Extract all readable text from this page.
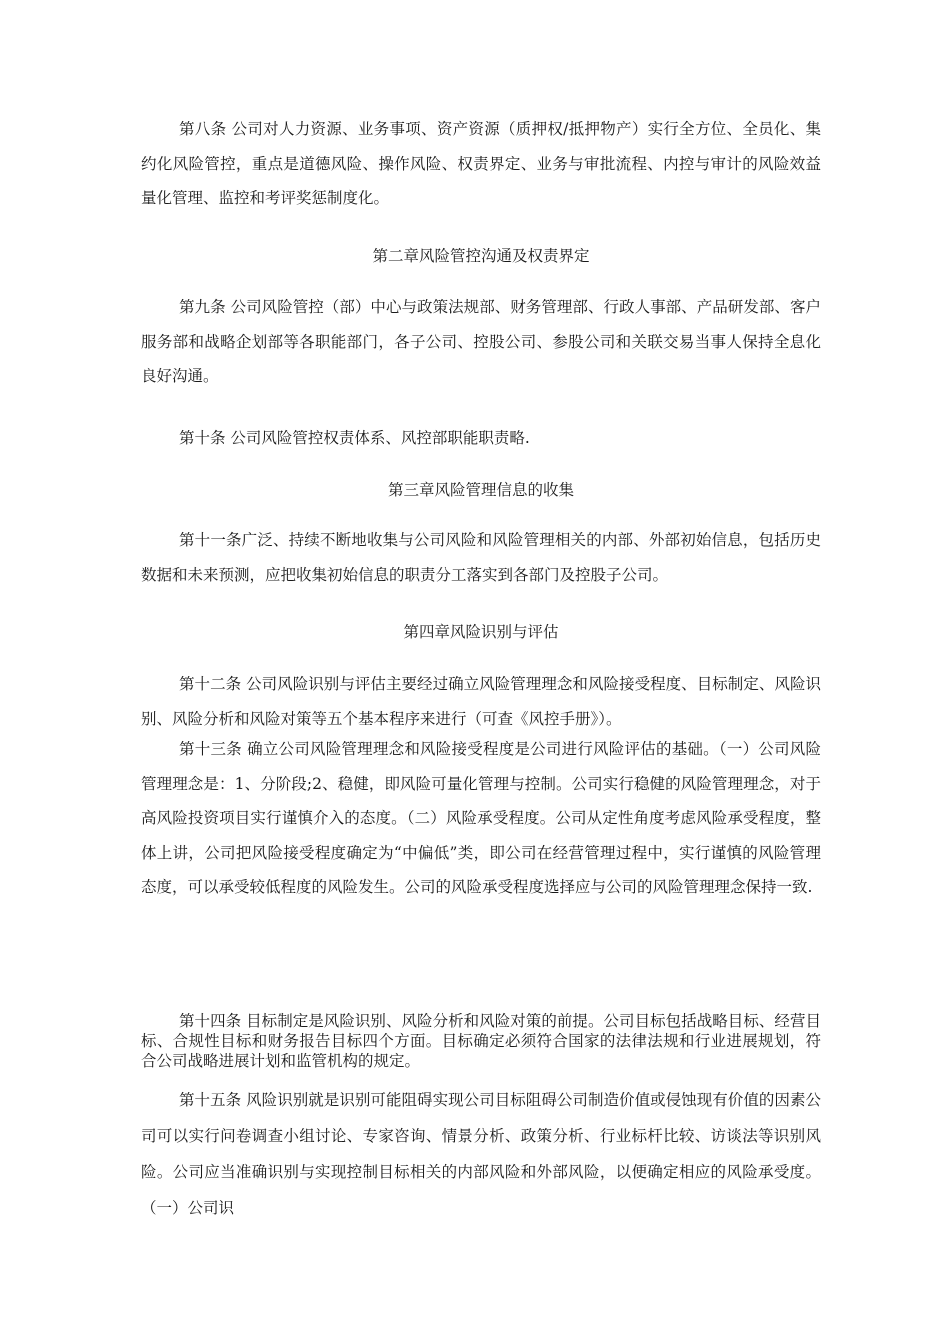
第八条 公司对人力资源、业务事项、资产资源（质押权/抵押物产）实行全方位、全员化、集约化风险管控，重点是道德风险、操作风险、权责界定、业务与审批流程、内控与审计的风险效益量化管理、监控和考评奖惩制度化。

第二章风险管控沟通及权责界定

第九条 公司风险管控（部）中心与政策法规部、财务管理部、行政人事部、产品研发部、客户服务部和战略企划部等各职能部门，各子公司、控股公司、参股公司和关联交易当事人保持全息化良好沟通。

第十条 公司风险管控权责体系、风控部职能职责略.

第三章风险管理信息的收集

第十一条广泛、持续不断地收集与公司风险和风险管理相关的内部、外部初始信息，包括历史数据和未来预测，应把收集初始信息的职责分工落实到各部门及控股子公司。

第四章风险识别与评估

第十二条 公司风险识别与评估主要经过确立风险管理理念和风险接受程度、目标制定、风险识别、风险分析和风险对策等五个基本程序来进行（可查《风控手册》）。

第十三条 确立公司风险管理理念和风险接受程度是公司进行风险评估的基础。（一）公司风险管理理念是：1、分阶段;2、稳健，即风险可量化管理与控制。公司实行稳健的风险管理理念，对于高风险投资项目实行谨慎介入的态度。（二）风险承受程度。公司从定性角度考虑风险承受程度，整体上讲，公司把风险接受程度确定为“中偏低”类，即公司在经营管理过程中，实行谨慎的风险管理态度，可以承受较低程度的风险发生。公司的风险承受程度选择应与公司的风险管理理念保持一致.

第十四条 目标制定是风险识别、风险分析和风险对策的前提。公司目标包括战略目标、经营目标、合规性目标和财务报告目标四个方面。目标确定必须符合国家的法律法规和行业进展规划，符合公司战略进展计划和监管机构的规定。

第十五条 风险识别就是识别可能阻碍实现公司目标阻碍公司制造价值或侵蚀现有价值的因素公司可以实行问卷调查小组讨论、专家咨询、情景分析、政策分析、行业标杆比较、访谈法等识别风险。公司应当准确识别与实现控制目标相关的内部风险和外部风险，以便确定相应的风险承受度。（一）公司识
